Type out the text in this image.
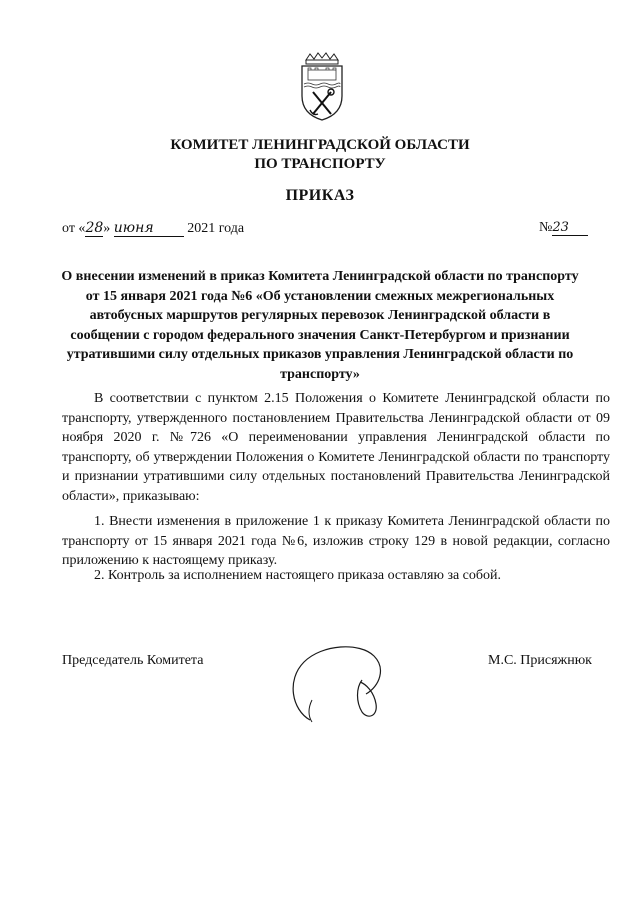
КОМИТЕТ ЛЕНИНГРАДСКОЙ ОБЛАСТИ
ПО ТРАНСПОРТУ
ПРИКАЗ
от «28» июня 2021 года	№23
О внесении изменений в приказ Комитета Ленинградской области по транспорту от 15 января 2021 года №6 «Об установлении смежных межрегиональных автобусных маршрутов регулярных перевозок Ленинградской области в сообщении с городом федерального значения Санкт-Петербургом и признании утратившими силу отдельных приказов управления Ленинградской области по транспорту»
В соответствии с пунктом 2.15 Положения о Комитете Ленинградской области по транспорту, утвержденного постановлением Правительства Ленинградской области от 09 ноября 2020 г. №726 «О переименовании управления Ленинградской области по транспорту, об утверждении Положения о Комитете Ленинградской области по транспорту и признании утратившими силу отдельных постановлений Правительства Ленинградской области», приказываю:
1. Внести изменения в приложение 1 к приказу Комитета Ленинградской области по транспорту от 15 января 2021 года №6, изложив строку 129 в новой редакции, согласно приложению к настоящему приказу.
2. Контроль за исполнением настоящего приказа оставляю за собой.
Председатель Комитета	М.С. Присяжнюк
